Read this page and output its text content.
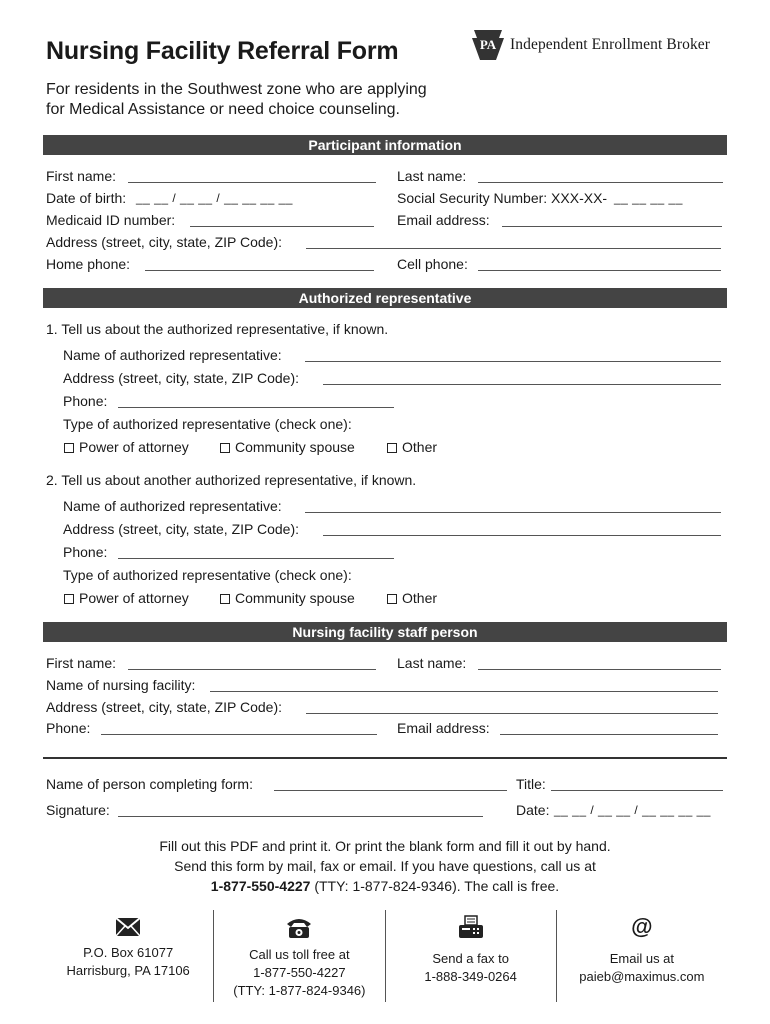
Nursing Facility Referral Form	PA Independent Enrollment Broker
For residents in the Southwest zone who are applying
for Medical Assistance or need choice counseling.
Participant information
First name:	Last name:
Date of birth: __ __ / __ __ / __ __ __ __	Social Security Number: XXX-XX- __ __ __ __
Medicaid ID number:	Email address:
Address (street, city, state, ZIP Code):
Home phone:	Cell phone:
Authorized representative
1. Tell us about the authorized representative, if known.
Name of authorized representative:
Address (street, city, state, ZIP Code):
Phone:
Type of authorized representative (check one):
Power of attorney	Community spouse	Other
2. Tell us about another authorized representative, if known.
Name of authorized representative:
Address (street, city, state, ZIP Code):
Phone:
Type of authorized representative (check one):
Power of attorney	Community spouse	Other
Nursing facility staff person
First name:	Last name:
Name of nursing facility:
Address (street, city, state, ZIP Code):
Phone:	Email address:
Name of person completing form:	Title:
Signature:	Date: __ __ / __ __ / __ __ __ __
Fill out this PDF and print it. Or print the blank form and fill it out by hand.
Send this form by mail, fax or email. If you have questions, call us at
1-877-550-4227 (TTY: 1-877-824-9346). The call is free.
P.O. Box 61077
Harrisburg, PA 17106
Call us toll free at
1-877-550-4227
(TTY: 1-877-824-9346)
Send a fax to
1-888-349-0264
@
Email us at
paieb@maximus.com
